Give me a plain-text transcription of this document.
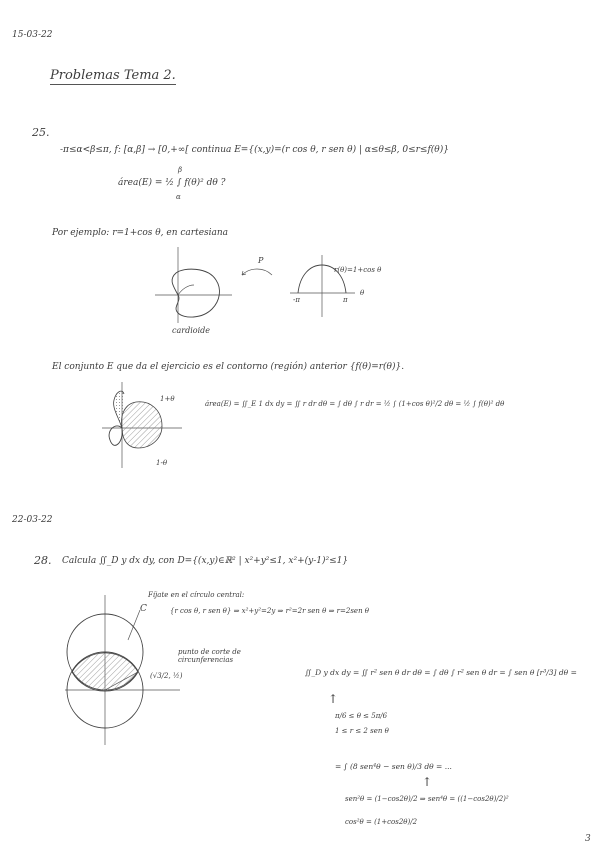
15-03-22
Problemas Tema 2.
25.
-π≤α<β≤π, f: [α,β] → [0,+∞[ continua E={(x,y)=(r cos θ, r sen θ) | α≤θ≤β, 0≤r≤f(θ)}
área(E) = ½ ∫ f(θ)² dθ ?
β
α
Por ejemplo: r=1+cos θ, en cartesiana
P
r(θ)=1+cos θ
-π	π
θ
cardioide
El conjunto E que da el ejercicio es el contorno (región) anterior {f(θ)=r(θ)}.
1+θ
1-θ
área(E) = ∬_E 1 dx dy = ∬ r dr dθ = ∫ dθ ∫ r dr = ½ ∫ (1+cos θ)²/2 dθ = ½ ∫ f(θ)² dθ
22-03-22
28. Calcula ∬_D y dx dy, con D={(x,y)∈ℝ² | x²+y²≤1, x²+(y-1)²≤1}
Fíjate en el círculo central:
{r cos θ, r sen θ} ⇒ x²+y²=2y ⇒ r²=2r sen θ ⇒ r=2sen θ
C
punto de corte de circunferencias
(√3/2, ½)	∬_D y dx dy = ∬ r² sen θ dr dθ = ∫ dθ ∫ r² sen θ dr = ∫ sen θ [r³/3] dθ =
↑
π/6 ≤ θ ≤ 5π/6
1 ≤ r ≤ 2 sen θ
= ∫ (8 sen⁴θ − sen θ)/3 dθ = ...
↑
sen²θ = (1−cos2θ)/2 ⇒ sen⁴θ = ((1−cos2θ)/2)²
cos²θ = (1+cos2θ)/2
3
